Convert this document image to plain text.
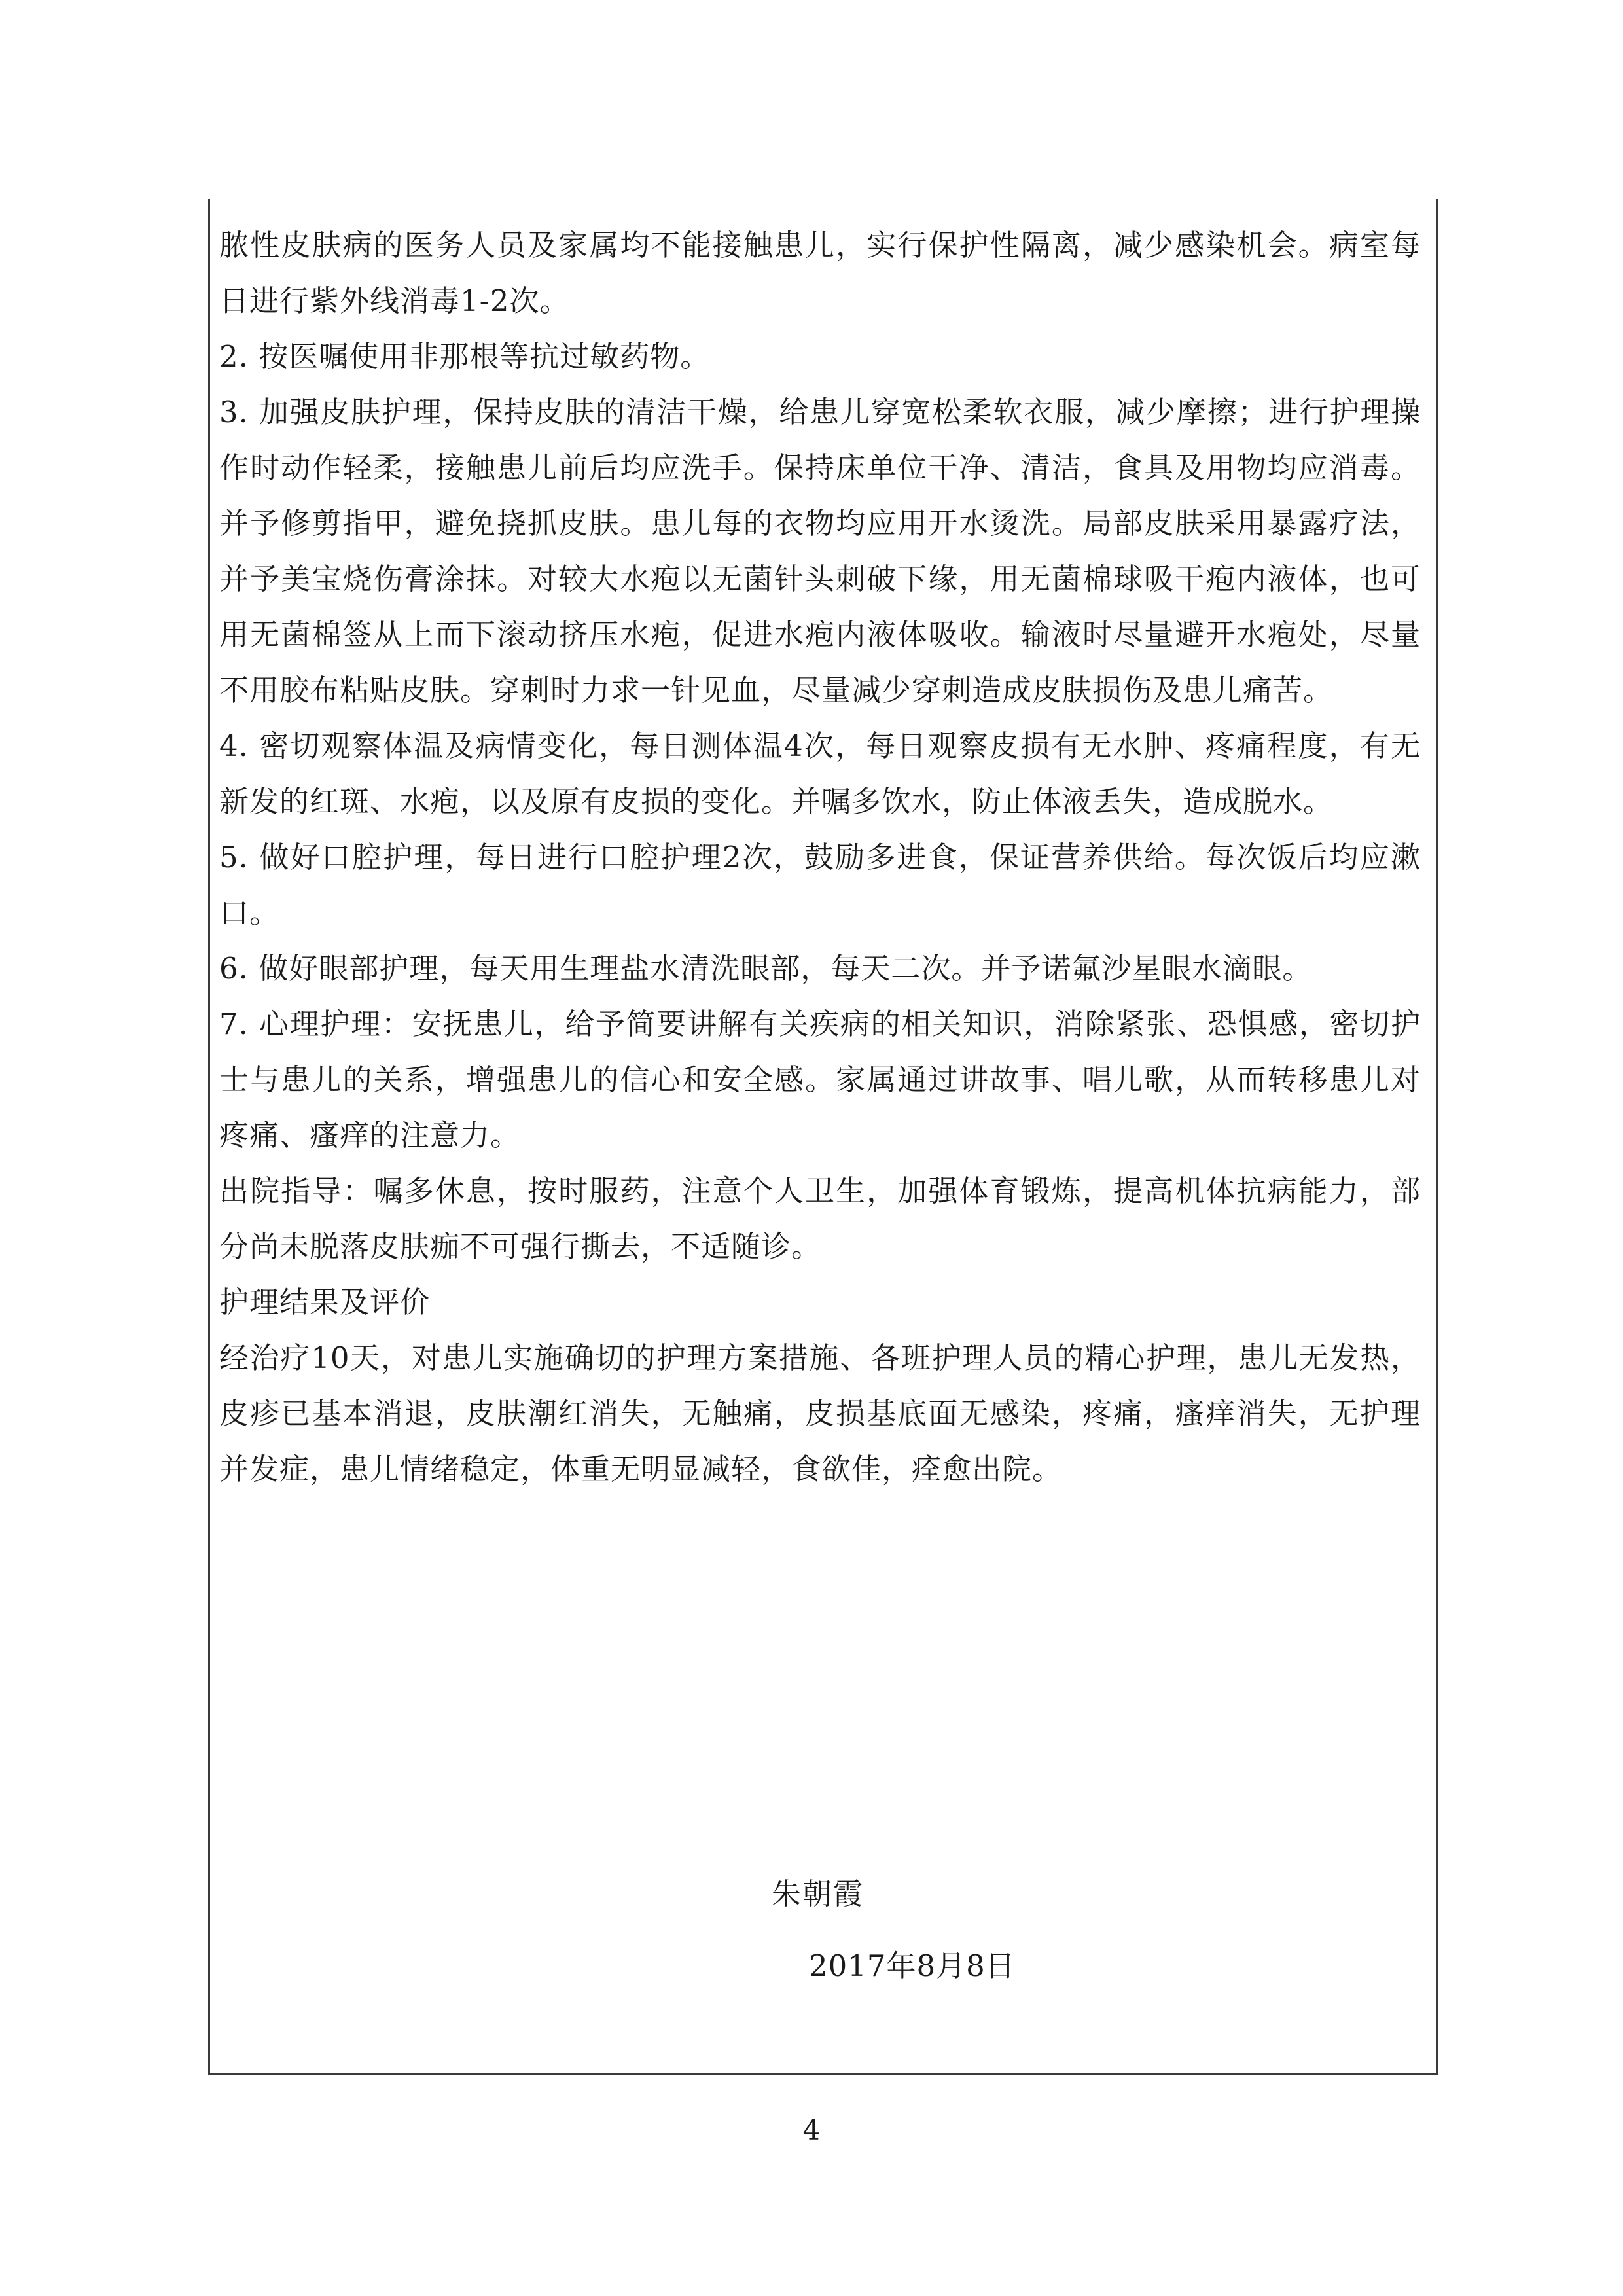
脓性皮肤病的医务人员及家属均不能接触患儿，实行保护性隔离，减少感染机会。病室每日进行紫外线消毒1-2次。

2. 按医嘱使用非那根等抗过敏药物。

3. 加强皮肤护理，保持皮肤的清洁干燥，给患儿穿宽松柔软衣服，减少摩擦；进行护理操作时动作轻柔，接触患儿前后均应洗手。保持床单位干净、清洁，食具及用物均应消毒。并予修剪指甲，避免挠抓皮肤。患儿每的衣物均应用开水烫洗。局部皮肤采用暴露疗法，并予美宝烧伤膏涂抹。对较大水疱以无菌针头刺破下缘，用无菌棉球吸干疱内液体，也可用无菌棉签从上而下滚动挤压水疱，促进水疱内液体吸收。输液时尽量避开水疱处，尽量不用胶布粘贴皮肤。穿刺时力求一针见血，尽量减少穿刺造成皮肤损伤及患儿痛苦。

4. 密切观察体温及病情变化，每日测体温4次，每日观察皮损有无水肿、疼痛程度，有无新发的红斑、水疱，以及原有皮损的变化。并嘱多饮水，防止体液丢失，造成脱水。

5. 做好口腔护理，每日进行口腔护理2次，鼓励多进食，保证营养供给。每次饭后均应漱口。

6. 做好眼部护理，每天用生理盐水清洗眼部，每天二次。并予诺氟沙星眼水滴眼。

7. 心理护理：安抚患儿，给予简要讲解有关疾病的相关知识，消除紧张、恐惧感，密切护士与患儿的关系，增强患儿的信心和安全感。家属通过讲故事、唱儿歌，从而转移患儿对疼痛、瘙痒的注意力。

出院指导：嘱多休息，按时服药，注意个人卫生，加强体育锻炼，提高机体抗病能力，部分尚未脱落皮肤痂不可强行撕去，不适随诊。

护理结果及评价

经治疗10天，对患儿实施确切的护理方案措施、各班护理人员的精心护理，患儿无发热，皮疹已基本消退，皮肤潮红消失，无触痛，皮损基底面无感染，疼痛，瘙痒消失，无护理并发症，患儿情绪稳定，体重无明显减轻，食欲佳，痊愈出院。

朱朝霞
2017年8月8日
4
